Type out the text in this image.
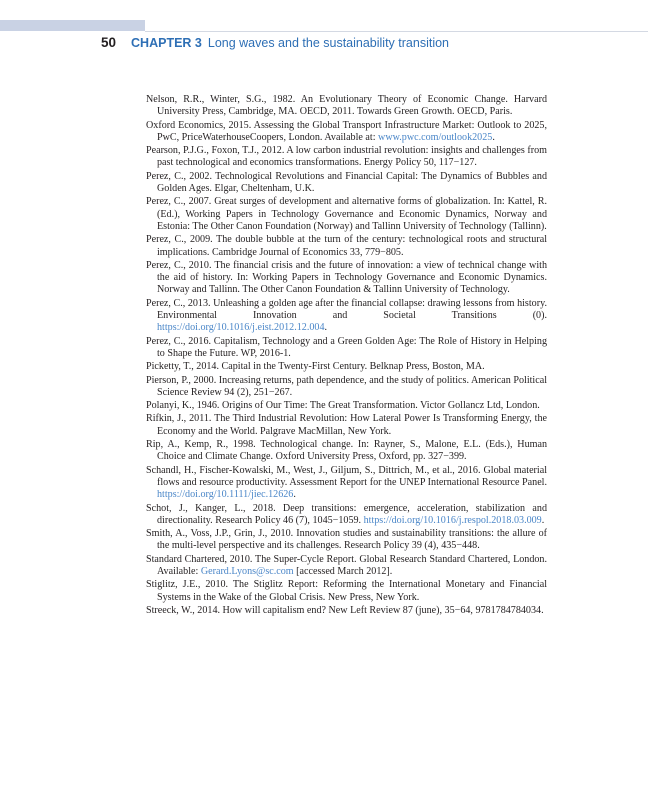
50 CHAPTER 3 Long waves and the sustainability transition
Nelson, R.R., Winter, S.G., 1982. An Evolutionary Theory of Economic Change. Harvard University Press, Cambridge, MA. OECD, 2011. Towards Green Growth. OECD, Paris.
Oxford Economics, 2015. Assessing the Global Transport Infrastructure Market: Outlook to 2025, PwC, PriceWaterhouseCoopers, London. Available at: www.pwc.com/outlook2025.
Pearson, P.J.G., Foxon, T.J., 2012. A low carbon industrial revolution: insights and challenges from past technological and economics transformations. Energy Policy 50, 117−127.
Perez, C., 2002. Technological Revolutions and Financial Capital: The Dynamics of Bubbles and Golden Ages. Elgar, Cheltenham, U.K.
Perez, C., 2007. Great surges of development and alternative forms of globalization. In: Kattel, R. (Ed.), Working Papers in Technology Governance and Economic Dynamics, Norway and Estonia: The Other Canon Foundation (Norway) and Tallinn University of Technology (Tallinn).
Perez, C., 2009. The double bubble at the turn of the century: technological roots and structural implications. Cambridge Journal of Economics 33, 779−805.
Perez, C., 2010. The financial crisis and the future of innovation: a view of technical change with the aid of history. In: Working Papers in Technology Governance and Economic Dynamics. Norway and Tallinn. The Other Canon Foundation & Tallinn University of Technology.
Perez, C., 2013. Unleashing a golden age after the financial collapse: drawing lessons from history. Environmental Innovation and Societal Transitions (0). https://doi.org/10.1016/j.eist.2012.12.004.
Perez, C., 2016. Capitalism, Technology and a Green Golden Age: The Role of History in Helping to Shape the Future. WP, 2016-1.
Picketty, T., 2014. Capital in the Twenty-First Century. Belknap Press, Boston, MA.
Pierson, P., 2000. Increasing returns, path dependence, and the study of politics. American Political Science Review 94 (2), 251−267.
Polanyi, K., 1946. Origins of Our Time: The Great Transformation. Victor Gollancz Ltd, London.
Rifkin, J., 2011. The Third Industrial Revolution: How Lateral Power Is Transforming Energy, the Economy and the World. Palgrave MacMillan, New York.
Rip, A., Kemp, R., 1998. Technological change. In: Rayner, S., Malone, E.L. (Eds.), Human Choice and Climate Change. Oxford University Press, Oxford, pp. 327−399.
Schandl, H., Fischer-Kowalski, M., West, J., Giljum, S., Dittrich, M., et al., 2016. Global material flows and resource productivity. Assessment Report for the UNEP International Resource Panel. https://doi.org/10.1111/jiec.12626.
Schot, J., Kanger, L., 2018. Deep transitions: emergence, acceleration, stabilization and directionality. Research Policy 46 (7), 1045−1059. https://doi.org/10.1016/j.respol.2018.03.009.
Smith, A., Voss, J.P., Grin, J., 2010. Innovation studies and sustainability transitions: the allure of the multi-level perspective and its challenges. Research Policy 39 (4), 435−448.
Standard Chartered, 2010. The Super-Cycle Report. Global Research Standard Chartered, London. Available: Gerard.Lyons@sc.com [accessed March 2012].
Stiglitz, J.E., 2010. The Stiglitz Report: Reforming the International Monetary and Financial Systems in the Wake of the Global Crisis. New Press, New York.
Streeck, W., 2014. How will capitalism end? New Left Review 87 (june), 35−64, 9781784784034.
